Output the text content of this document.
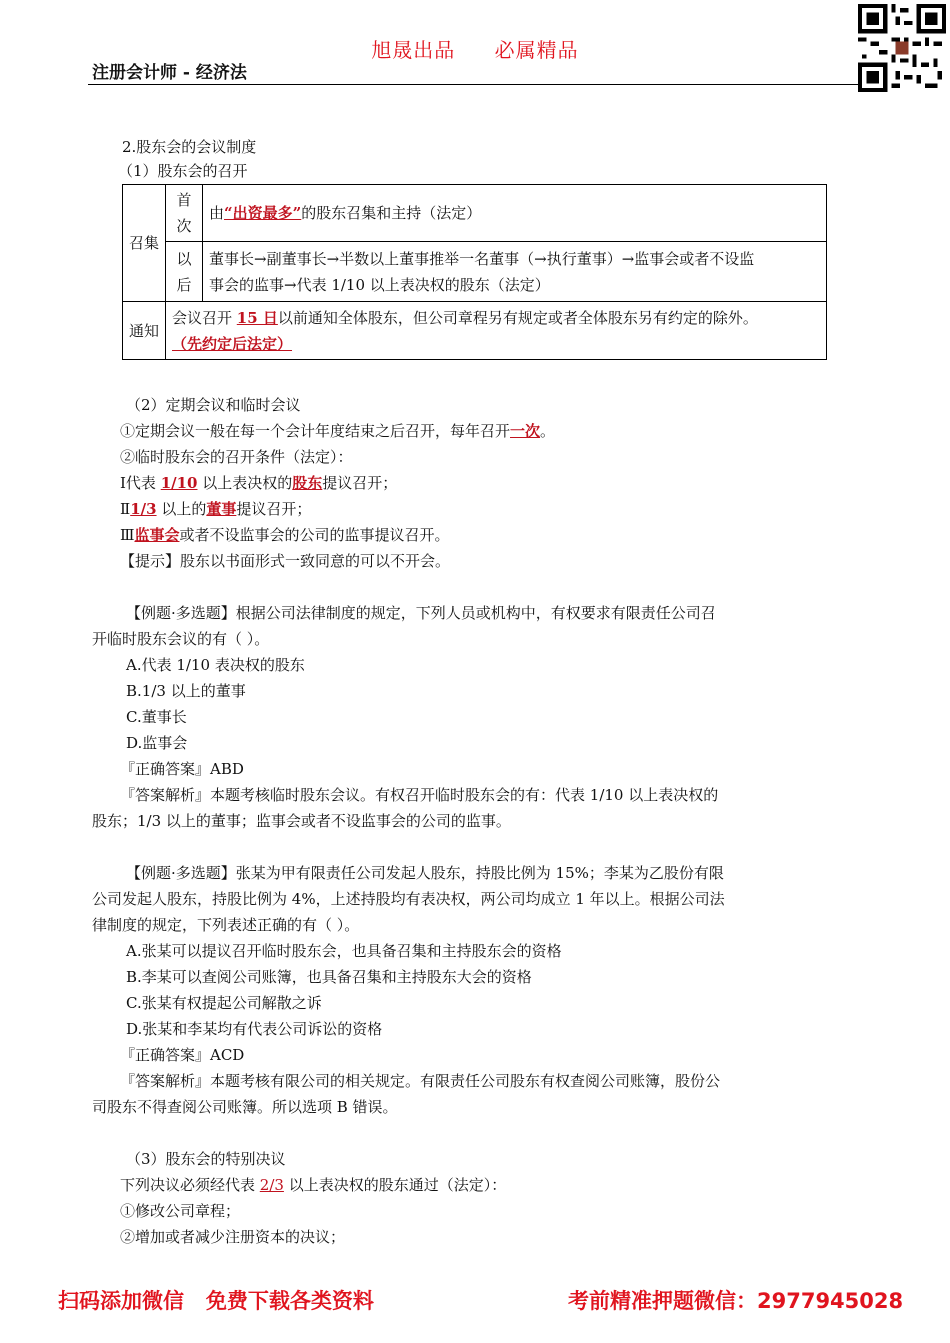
旭晟出品 必属精品
注册会计师 - 经济法
2.股东会的会议制度
（1）股东会的召开
召集	首次	由“出资最多”的股东召集和主持（法定）
	以后	董事长→副董事长→半数以上董事推举一名董事（→执行董事）→监事会或者不设监
事会的监事→代表 1/10 以上表决权的股东（法定）

通知	会议召开 15 日以前通知全体股东，但公司章程另有规定或者全体股东另有约定的除外。
（先约定后法定）	
（2）定期会议和临时会议
①定期会议一般在每一个会计年度结束之后召开，每年召开一次。
②临时股东会的召开条件（法定）：
Ⅰ代表 1/10 以上表决权的股东提议召开；
Ⅱ1/3 以上的董事提议召开；
Ⅲ监事会或者不设监事会的公司的监事提议召开。
【提示】股东以书面形式一致同意的可以不开会。
【例题·多选题】根据公司法律制度的规定，下列人员或机构中，有权要求有限责任公司召
开临时股东会议的有（ ）。
A.代表 1/10 表决权的股东
B.1/3 以上的董事
C.董事长
D.监事会
『正确答案』ABD
『答案解析』本题考核临时股东会议。有权召开临时股东会的有：代表 1/10 以上表决权的
股东；1/3 以上的董事；监事会或者不设监事会的公司的监事。
【例题·多选题】张某为甲有限责任公司发起人股东，持股比例为 15%；李某为乙股份有限
公司发起人股东，持股比例为 4%，上述持股均有表决权，两公司均成立 1 年以上。根据公司法
律制度的规定，下列表述正确的有（ ）。
A.张某可以提议召开临时股东会，也具备召集和主持股东会的资格
B.李某可以查阅公司账簿，也具备召集和主持股东大会的资格
C.张某有权提起公司解散之诉
D.张某和李某均有代表公司诉讼的资格
『正确答案』ACD
『答案解析』本题考核有限公司的相关规定。有限责任公司股东有权查阅公司账簿，股份公
司股东不得查阅公司账簿。所以选项 B 错误。
（3）股东会的特别决议
下列决议必须经代表 2/3 以上表决权的股东通过（法定）：
①修改公司章程；
②增加或者减少注册资本的决议；
扫码添加微信   免费下载各类资料	考前精准押题微信：2977945028
